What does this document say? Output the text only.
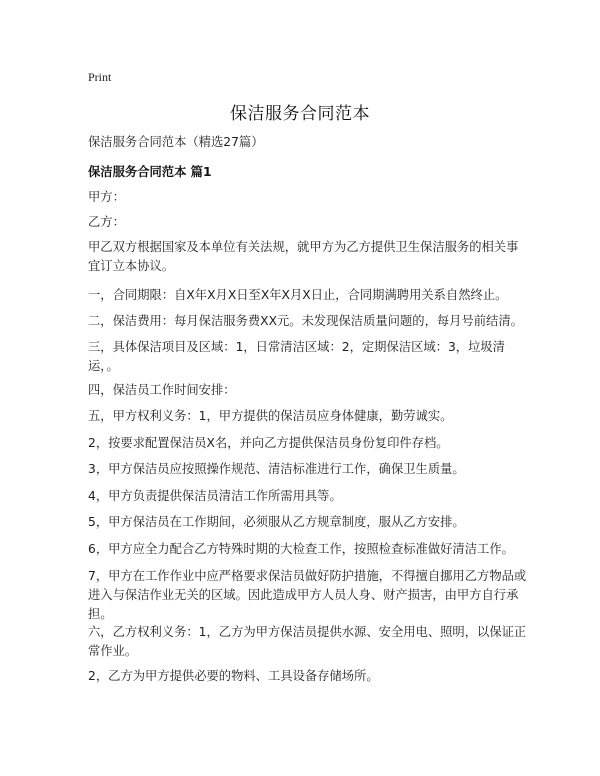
Print
保洁服务合同范本
保洁服务合同范本（精选27篇）
保洁服务合同范本 篇1
甲方：
乙方：
甲乙双方根据国家及本单位有关法规，就甲方为乙方提供卫生保洁服务的相关事宜订立本协议。
一，合同期限：自X年X月X日至X年X月X日止，合同期满聘用关系自然终止。
二，保洁费用：每月保洁服务费XX元。未发现保洁质量问题的，每月号前结清。
三，具体保洁项目及区域：1，日常清洁区域：2，定期保洁区域：3，垃圾清运，。
四，保洁员工作时间安排：
五，甲方权利义务：1，甲方提供的保洁员应身体健康，勤劳诚实。
2，按要求配置保洁员X名，并向乙方提供保洁员身份复印件存档。
3，甲方保洁员应按照操作规范、清洁标准进行工作，确保卫生质量。
4，甲方负责提供保洁员清洁工作所需用具等。
5，甲方保洁员在工作期间，必须服从乙方规章制度，服从乙方安排。
6，甲方应全力配合乙方特殊时期的大检查工作，按照检查标准做好清洁工作。
7，甲方在工作作业中应严格要求保洁员做好防护措施，不得擅自挪用乙方物品或进入与保洁作业无关的区域。因此造成甲方人员人身、财产损害，由甲方自行承担。
六，乙方权利义务：1，乙方为甲方保洁员提供水源、安全用电、照明，以保证正常作业。
2，乙方为甲方提供必要的物料、工具设备存储场所。
